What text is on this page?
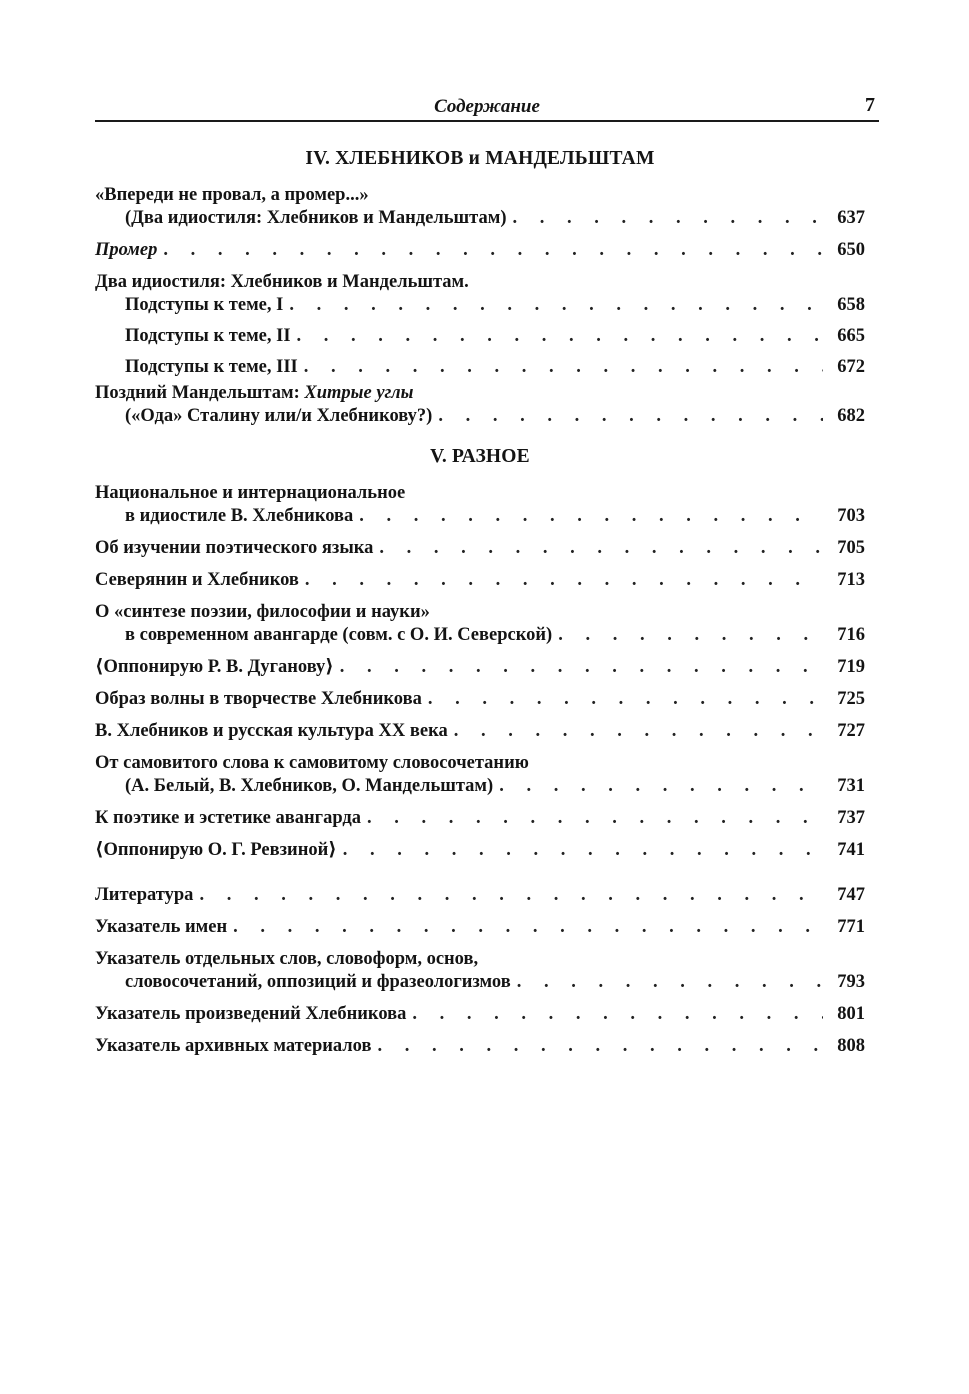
Содержание	7
IV. ХЛЕБНИКОВ и МАНДЕЛЬШТАМ
«Впереди не провал, а промер...»
(Два идиостиля: Хлебников и Мандельштам) . . .	637
Промер . . .	650
Два идиостиля: Хлебников и Мандельштам.
Подступы к теме, I . . .	658
Подступы к теме, II . . .	665
Подступы к теме, III . . .	672
Поздний Мандельштам: Хитрые углы
(«Ода» Сталину или/и Хлебникову?) . . .	682
V. РАЗНОЕ
Национальное и интернациональное
в идиостиле В. Хлебникова . . .	703
Об изучении поэтического языка . . .	705
Северянин и Хлебников . . .	713
О «синтезе поэзии, философии и науки»
в современном авангарде (совм. с О. И. Северской) . . .	716
⟨Оппонирую Р. В. Дуганову⟩ . . .	719
Образ волны в творчестве Хлебникова . . .	725
В. Хлебников и русская культура XX века . . .	727
От самовитого слова к самовитому словосочетанию
(А. Белый, В. Хлебников, О. Мандельштам) . . .	731
К поэтике и эстетике авангарда . . .	737
⟨Оппонирую О. Г. Ревзиной⟩ . . .	741
Литература . . .	747
Указатель имен . . .	771
Указатель отдельных слов, словоформ, основ,
словосочетаний, оппозиций и фразеологизмов . . .	793
Указатель произведений Хлебникова . . .	801
Указатель архивных материалов . . .	808
